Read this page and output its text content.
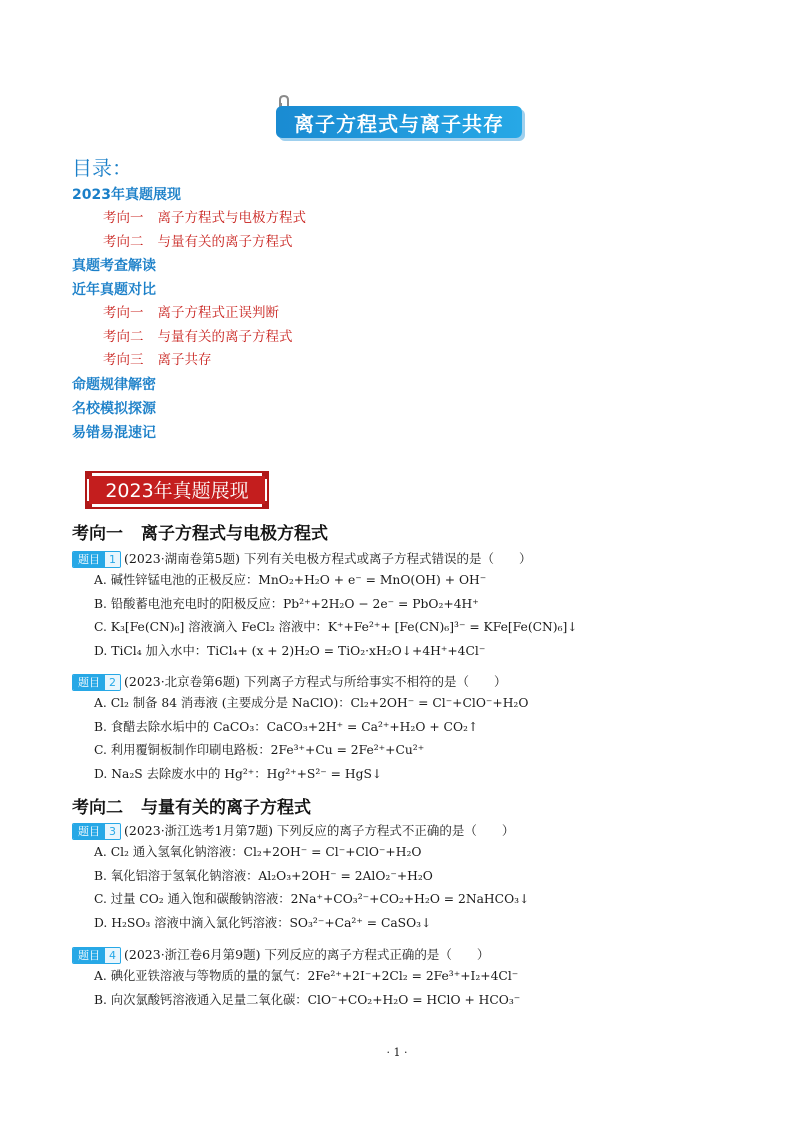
离子方程式与离子共存
目录：
2023年真题展现
考向一 离子方程式与电极方程式
考向二 与量有关的离子方程式
真题考查解读
近年真题对比
考向一 离子方程式正误判断
考向二 与量有关的离子方程式
考向三 离子共存
命题规律解密
名校模拟探源
易错易混速记
2023年真题展现
考向一 离子方程式与电极方程式
题目 1 (2023·湖南卷第5题) 下列有关电极方程式或离子方程式错误的是（　　）
A. 碱性锌锰电池的正极反应：MnO₂+H₂O + e⁻ = MnO(OH) + OH⁻
B. 铅酸蓄电池充电时的阳极反应：Pb²⁺+2H₂O − 2e⁻ = PbO₂+4H⁺
C. K₃[Fe(CN)₆] 溶液滴入 FeCl₂ 溶液中：K⁺+Fe²⁺+ [Fe(CN)₆]³⁻ = KFe[Fe(CN)₆]↓
D. TiCl₄ 加入水中：TiCl₄+ (x + 2)H₂O = TiO₂·xH₂O↓+4H⁺+4Cl⁻
题目 2 (2023·北京卷第6题) 下列离子方程式与所给事实不相符的是（　　）
A. Cl₂ 制备 84 消毒液 (主要成分是 NaClO)：Cl₂+2OH⁻ = Cl⁻+ClO⁻+H₂O
B. 食醋去除水垢中的 CaCO₃：CaCO₃+2H⁺ = Ca²⁺+H₂O + CO₂↑
C. 利用覆铜板制作印刷电路板：2Fe³⁺+Cu = 2Fe²⁺+Cu²⁺
D. Na₂S 去除废水中的 Hg²⁺：Hg²⁺+S²⁻ = HgS↓
考向二 与量有关的离子方程式
题目 3 (2023·浙江选考1月第7题) 下列反应的离子方程式不正确的是（　　）
A. Cl₂ 通入氢氧化钠溶液：Cl₂+2OH⁻ = Cl⁻+ClO⁻+H₂O
B. 氧化铝溶于氢氧化钠溶液：Al₂O₃+2OH⁻ = 2AlO₂⁻+H₂O
C. 过量 CO₂ 通入饱和碳酸钠溶液：2Na⁺+CO₃²⁻+CO₂+H₂O = 2NaHCO₃↓
D. H₂SO₃ 溶液中滴入氯化钙溶液：SO₃²⁻+Ca²⁺ = CaSO₃↓
题目 4 (2023·浙江卷6月第9题) 下列反应的离子方程式正确的是（　　）
A. 碘化亚铁溶液与等物质的量的氯气：2Fe²⁺+2I⁻+2Cl₂ = 2Fe³⁺+I₂+4Cl⁻
B. 向次氯酸钙溶液通入足量二氧化碳：ClO⁻+CO₂+H₂O = HClO + HCO₃⁻
· 1 ·
